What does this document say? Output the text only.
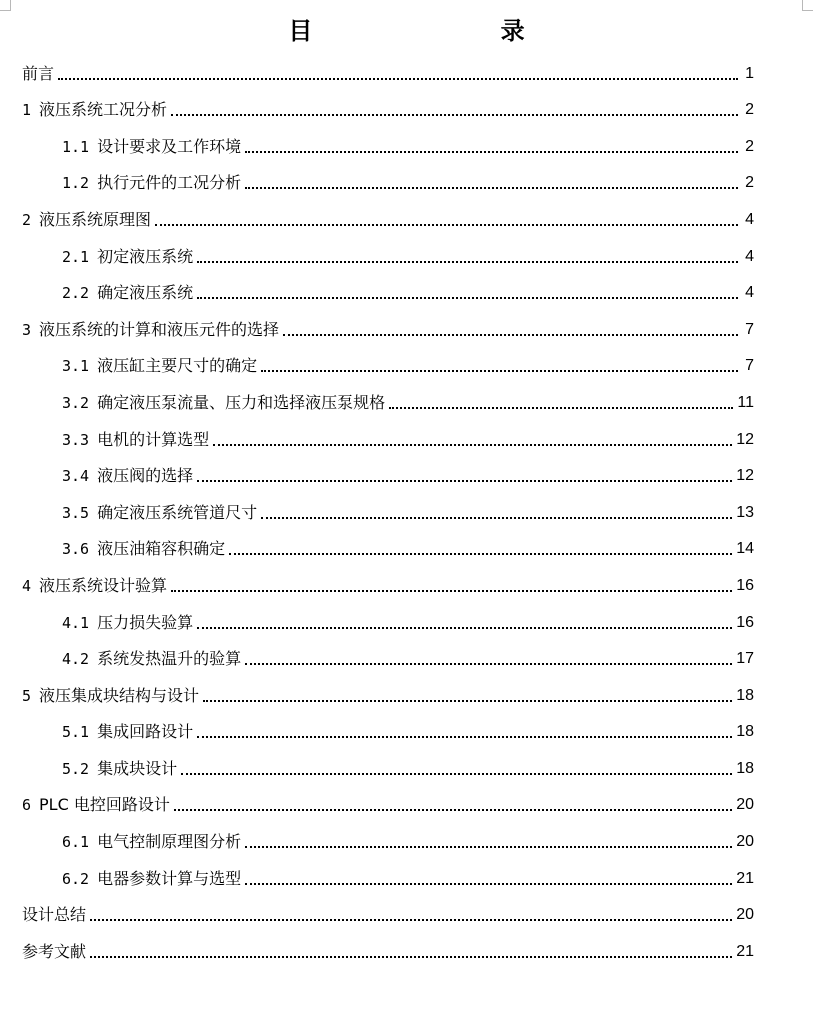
目 录
前言	1
1 液压系统工况分析	2
1.1 设计要求及工作环境	2
1.2 执行元件的工况分析	2
2 液压系统原理图	4
2.1 初定液压系统	4
2.2 确定液压系统	4
3 液压系统的计算和液压元件的选择	7
3.1 液压缸主要尺寸的确定	7
3.2 确定液压泵流量、压力和选择液压泵规格	11
3.3 电机的计算选型	12
3.4 液压阀的选择	12
3.5 确定液压系统管道尺寸	13
3.6 液压油箱容积确定	14
4 液压系统设计验算	16
4.1 压力损失验算	16
4.2 系统发热温升的验算	17
5 液压集成块结构与设计	18
5.1 集成回路设计	18
5.2 集成块设计	18
6 PLC 电控回路设计	20
6.1 电气控制原理图分析	20
6.2 电器参数计算与选型	21
设计总结	20
参考文献	21
